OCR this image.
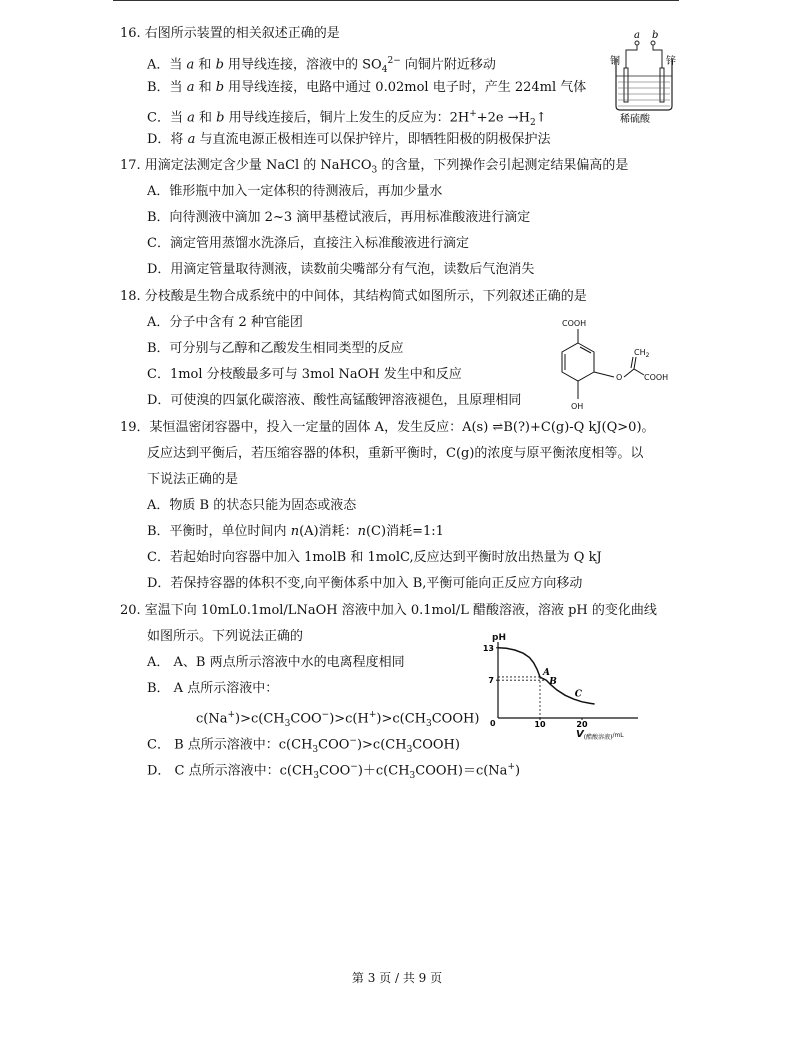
16. 右图所示装置的相关叙述正确的是
A．当 a 和 b 用导线连接，溶液中的 $SO_4^{2-}$ 向铜片附近移动
B．当 a 和 b 用导线连接，电路中通过 0.02mol 电子时，产生 224ml 气体
C．当 a 和 b 用导线连接后，铜片上发生的反应为：$2H^++2e \to H_2↑$
D．将 a 与直流电源正极相连可以保护锌片，即牺牲阳极的阴极保护法
a b
铜	锌
稀硫酸
17. 用滴定法测定含少量 NaCl 的 NaHCO$_3$ 的含量，下列操作会引起测定结果偏高的是
A．锥形瓶中加入一定体积的待测液后，再加少量水
B．向待测液中滴加 2~3 滴甲基橙试液后，再用标准酸液进行滴定
C．滴定管用蒸馏水洗涤后，直接注入标准酸液进行滴定
D．用滴定管量取待测液，读数前尖嘴部分有气泡，读数后气泡消失
18. 分枝酸是生物合成系统中的中间体，其结构简式如图所示，下列叙述正确的是
A．分子中含有 2 种官能团
B．可分别与乙醇和乙酸发生相同类型的反应
C．1mol 分枝酸最多可与 3mol NaOH 发生中和反应
D．可使溴的四氯化碳溶液、酸性高锰酸钾溶液褪色，且原理相同
COOH
$CH_2$
O	COOH
OH
19．某恒温密闭容器中，投入一定量的固体 A，发生反应：A(s) ⇌B(?)+C(g)-Q kJ(Q>0)。
反应达到平衡后，若压缩容器的体积，重新平衡时，C(g)的浓度与原平衡浓度相等。以
下说法正确的是
A．物质 B 的状态只能为固态或液态
B．平衡时，单位时间内 n(A)消耗：n(C)消耗=1:1
C．若起始时向容器中加入 1molB 和 1molC,反应达到平衡时放出热量为 Q kJ
D．若保持容器的体积不变,向平衡体系中加入 B,平衡可能向正反应方向移动
20. 室温下向 10mL0.1mol/LNaOH 溶液中加入 0.1mol/L 醋酸溶液，溶液 pH 的变化曲线
如图所示。下列说法正确的
A． A、B 两点所示溶液中水的电离程度相同
B． A 点所示溶液中：
$c(Na^+)>c(CH_3COO^-)>c(H^+)>c(CH_3COOH)$
C． B 点所示溶液中：$c(CH_3COO^-)>c(CH_3COOH)$
D． C 点所示溶液中：$c(CH_3COO^-)+c(CH_3COOH)=c(Na^+)$
pH
0
V(醋酸溶液)/mL
7
13
10	20
A
B
C
第 3 页 / 共 9 页
